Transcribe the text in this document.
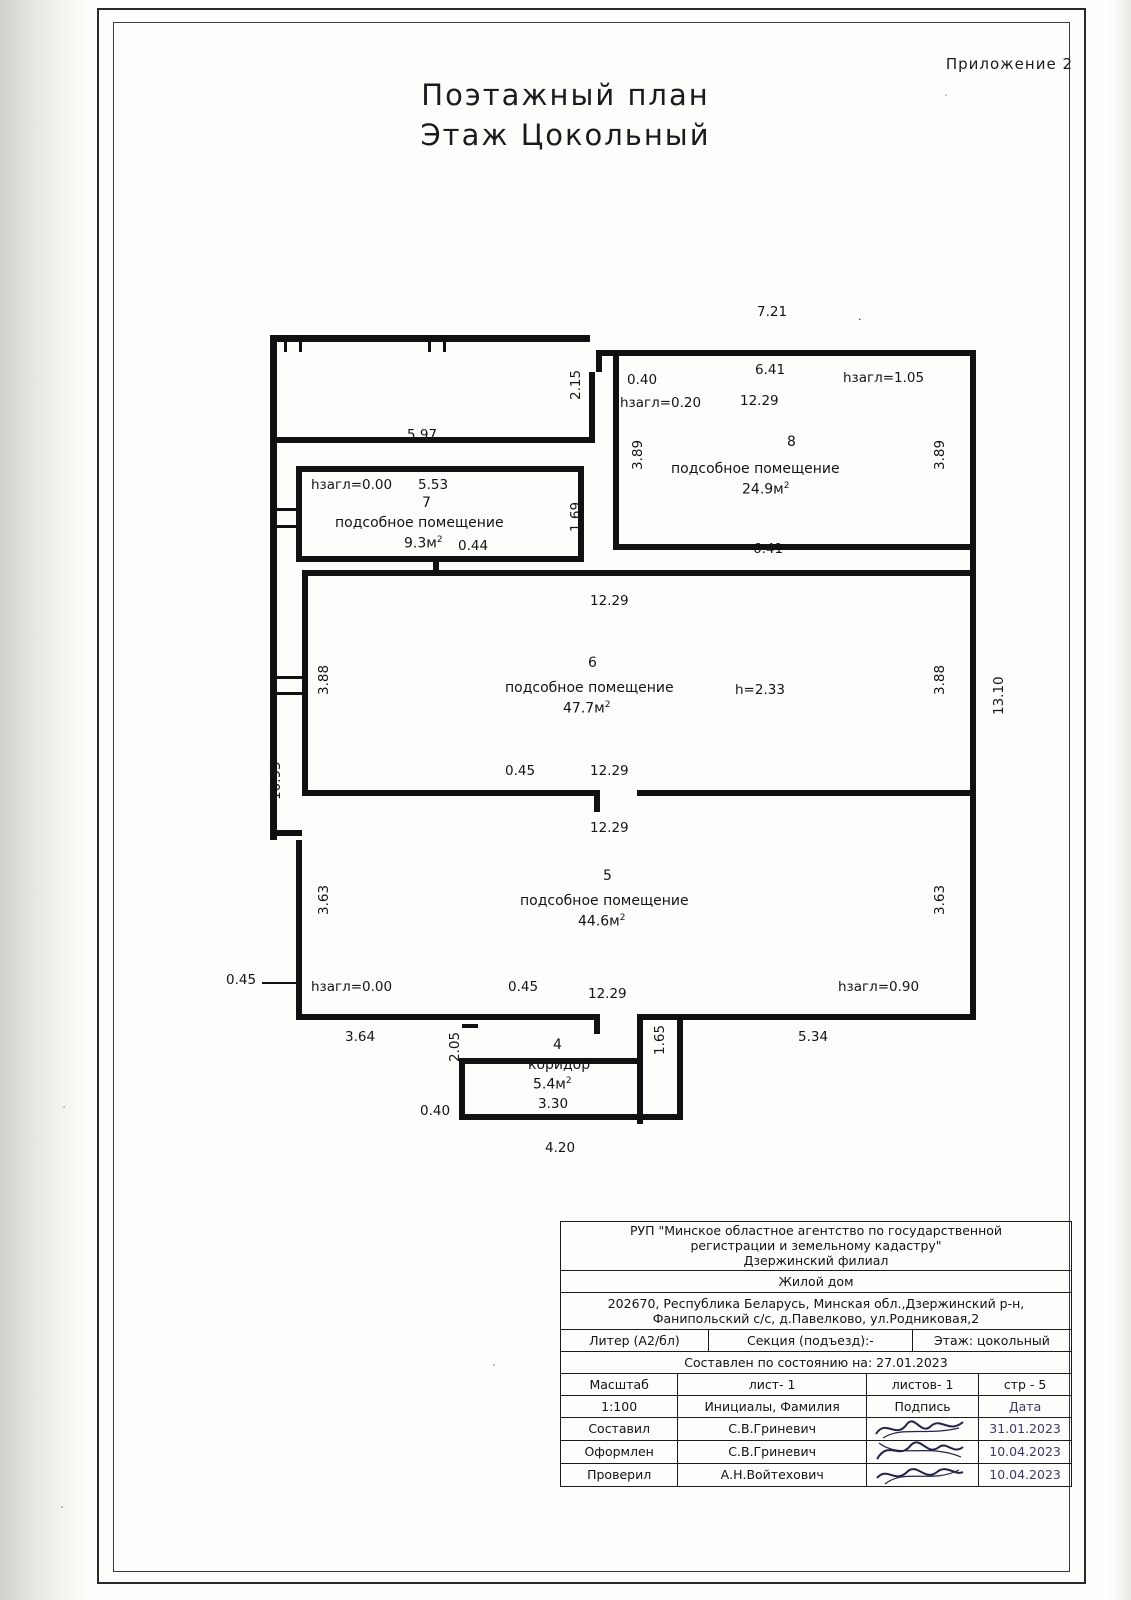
Приложение 2
Поэтажный план
Этаж Цокольный
7.21	·
6.41
6.41
0.40	hзагл=1.05
hзагл=0.20	12.29
5.97
hзагл=0.00 5.53
0.44
12.29
0.45	12.29
12.29
h=2.33
0.45	hзагл=0.00	0.45	12.29	hзагл=0.90
3.64	5.34
3.30
0.40
4.20
2.15
3.89	3.89
1.69
3.88	3.88	13.10
10.95
3.63	3.63
1.65
2.05
8
подсобное помещение
$24.9м^2$
7
подсобное помещение
$9.3м^2$
6
подсобное помещение
$47.7м^2$
5
подсобное помещение
$44.6м^2$
4
коридор
$5.4м^2$
РУП "Минское областное агентство по государственной
регистрации и земельному кадастру"
Дзержинский филиал
Жилой дом
202670, Республика Беларусь, Минская обл.,Дзержинский р-н,
Фанипольский с/с, д.Павелково, ул.Родниковая,2
Литер (А2/бл)	Секция (подъезд):-	Этаж: цокольный
Составлен по состоянию на: 27.01.2023
Масштаб	лист- 1	листов- 1	стр - 5
1:100	Инициалы, Фамилия	Подпись	Дата
Составил	С.В.Гриневич	31.01.2023
Оформлен	С.В.Гриневич	10.04.2023
Проверил	А.Н.Войтехович	10.04.2023
·
·
·
·
